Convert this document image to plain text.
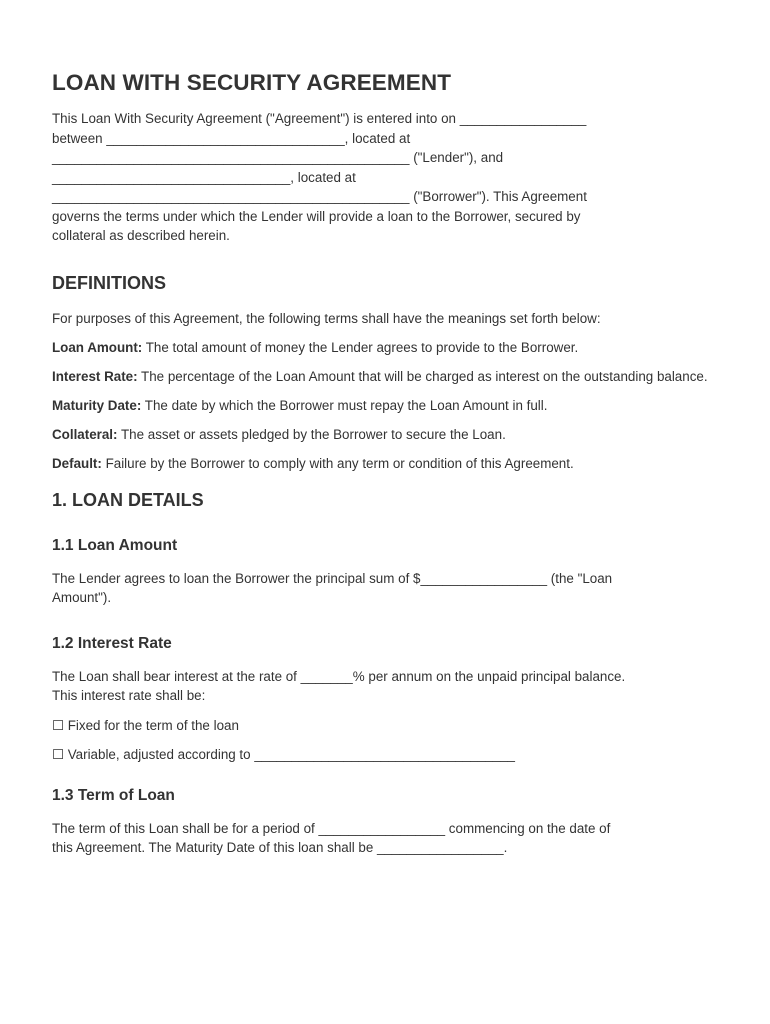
LOAN WITH SECURITY AGREEMENT

This Loan With Security Agreement ("Agreement") is entered into on _________________
between ________________________________, located at
________________________________________________ ("Lender"), and
________________________________, located at
________________________________________________ ("Borrower"). This Agreement
governs the terms under which the Lender will provide a loan to the Borrower, secured by
collateral as described herein.

DEFINITIONS

For purposes of this Agreement, the following terms shall have the meanings set forth below:

Loan Amount: The total amount of money the Lender agrees to provide to the Borrower.

Interest Rate: The percentage of the Loan Amount that will be charged as interest on the outstanding balance.

Maturity Date: The date by which the Borrower must repay the Loan Amount in full.

Collateral: The asset or assets pledged by the Borrower to secure the Loan.

Default: Failure by the Borrower to comply with any term or condition of this Agreement.

1. LOAN DETAILS
1.1 Loan Amount

The Lender agrees to loan the Borrower the principal sum of $_________________ (the "Loan
Amount").

1.2 Interest Rate

The Loan shall bear interest at the rate of _______% per annum on the unpaid principal balance.
This interest rate shall be:

☐ Fixed for the term of the loan

☐ Variable, adjusted according to ___________________________________

1.3 Term of Loan

The term of this Loan shall be for a period of _________________ commencing on the date of
this Agreement. The Maturity Date of this loan shall be _________________.
